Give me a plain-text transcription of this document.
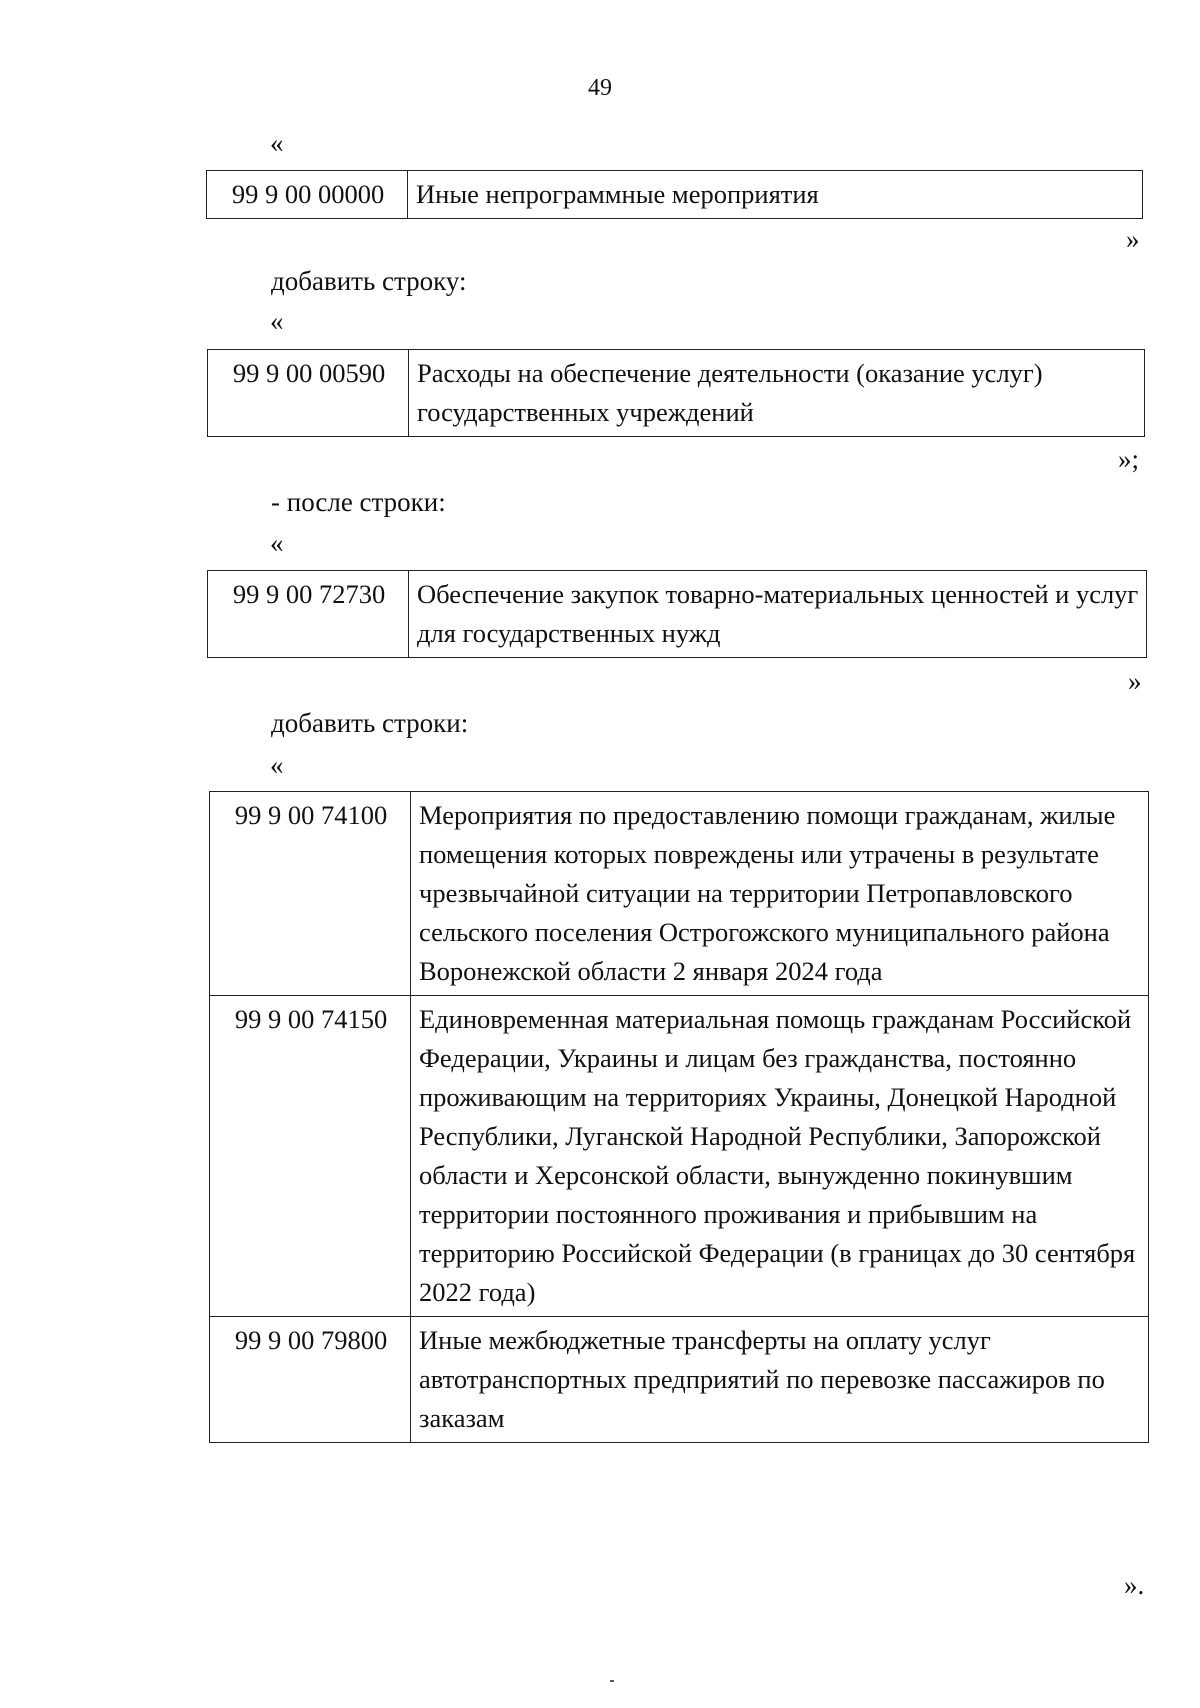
49
«
99 9 00 00000	Иные непрограммные мероприятия
»
добавить строку:
«
99 9 00 00590	Расходы на обеспечение деятельности (оказание услуг) государственных учреждений
»;
- после строки:
«
99 9 00 72730	Обеспечение закупок товарно-материальных ценностей и услуг для государственных нужд
»
добавить строки:
«
99 9 00 74100	Мероприятия по предоставлению помощи гражданам, жилые помещения которых повреждены или утрачены в результате чрезвычайной ситуации на территории Петропавловского сельского поселения Острогожского муниципального района Воронежской области 2 января 2024 года
99 9 00 74150	Единовременная материальная помощь гражданам Российской Федерации, Украины и лицам без гражданства, постоянно проживающим на территориях Украины, Донецкой Народной Республики, Луганской Народной Республики, Запорожской области и Херсонской области, вынужденно покинувшим территории постоянного проживания и прибывшим на территорию Российской Федерации (в границах до 30 сентября 2022 года)
99 9 00 79800	Иные межбюджетные трансферты на оплату услуг автотранспортных предприятий по перевозке пассажиров по заказам
».
